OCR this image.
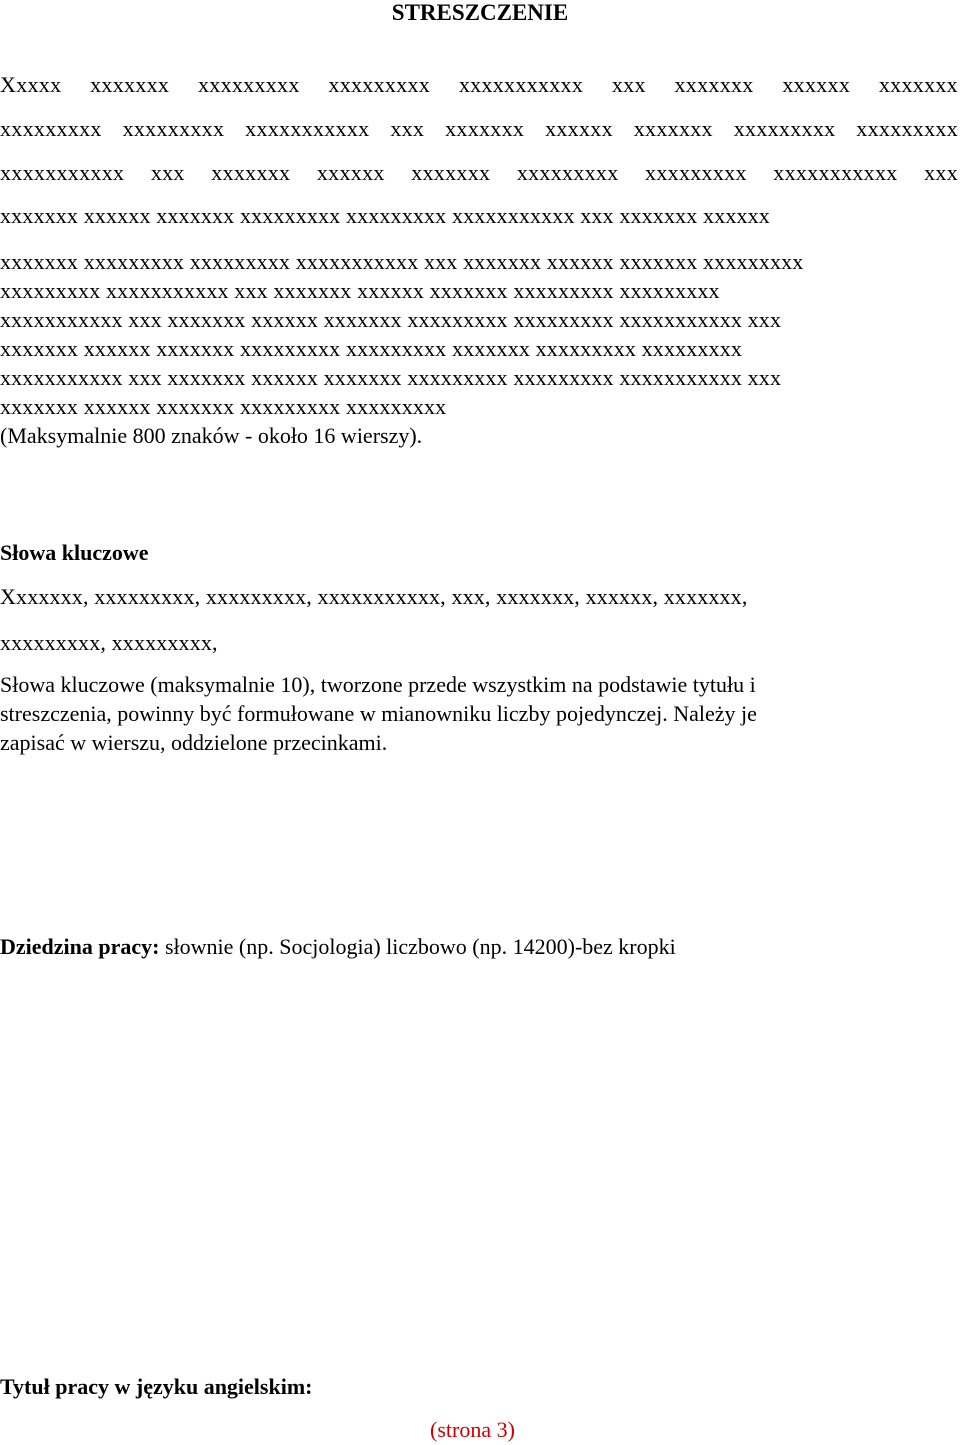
STRESZCZENIE
Xxxxx xxxxxxx xxxxxxxxx xxxxxxxxx xxxxxxxxxxx xxx xxxxxxx xxxxxx xxxxxxx
xxxxxxxxx xxxxxxxxx xxxxxxxxxxx xxx xxxxxxx xxxxxx xxxxxxx xxxxxxxxx xxxxxxxxx
xxxxxxxxxxx xxx xxxxxxx xxxxxx xxxxxxx xxxxxxxxx xxxxxxxxx xxxxxxxxxxx xxx
xxxxxxx xxxxxx xxxxxxx xxxxxxxxx xxxxxxxxx xxxxxxxxxxx xxx xxxxxxx xxxxxx
xxxxxxx xxxxxxxxx xxxxxxxxx xxxxxxxxxxx xxx xxxxxxx xxxxxx xxxxxxx xxxxxxxxx
xxxxxxxxx xxxxxxxxxxx xxx xxxxxxx xxxxxx xxxxxxx xxxxxxxxx xxxxxxxxx
xxxxxxxxxxx xxx xxxxxxx xxxxxx xxxxxxx xxxxxxxxx xxxxxxxxx xxxxxxxxxxx xxx
xxxxxxx xxxxxx xxxxxxx xxxxxxxxx xxxxxxxxx xxxxxxx xxxxxxxxx xxxxxxxxx
xxxxxxxxxxx xxx xxxxxxx xxxxxx xxxxxxx xxxxxxxxx xxxxxxxxx xxxxxxxxxxx xxx
xxxxxxx xxxxxx xxxxxxx xxxxxxxxx xxxxxxxxx
(Maksymalnie 800 znaków - około 16 wierszy).
Słowa kluczowe
Xxxxxxx, xxxxxxxxx, xxxxxxxxx, xxxxxxxxxxx, xxx, xxxxxxx, xxxxxx, xxxxxxx,
xxxxxxxxx, xxxxxxxxx,
Słowa kluczowe (maksymalnie 10), tworzone przede wszystkim na podstawie tytułu i
streszczenia, powinny być formułowane w mianowniku liczby pojedynczej. Należy je
zapisać w wierszu, oddzielone przecinkami.
Dziedzina pracy: słownie (np. Socjologia) liczbowo (np. 14200)-bez kropki
Tytuł pracy w języku angielskim:
(strona 3)
